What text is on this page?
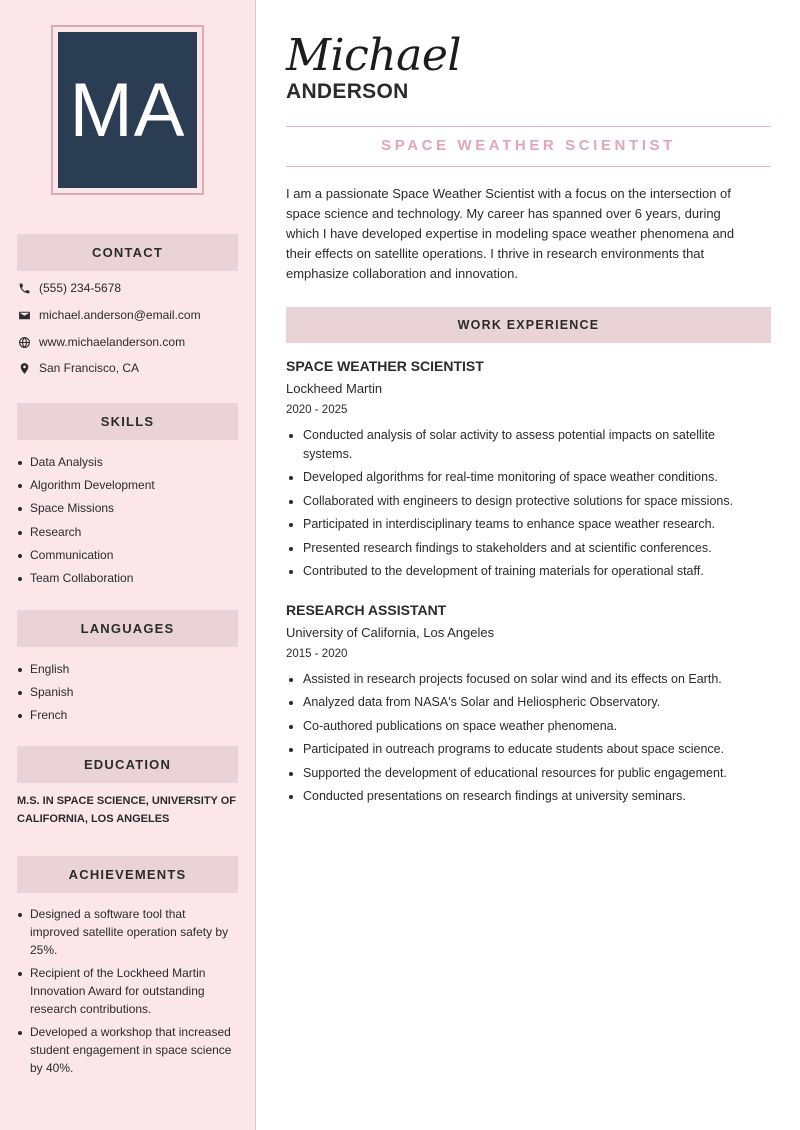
MA
CONTACT
(555) 234-5678
michael.anderson@email.com
www.michaelanderson.com
San Francisco, CA
SKILLS
Data Analysis
Algorithm Development
Space Missions
Research
Communication
Team Collaboration
LANGUAGES
English
Spanish
French
EDUCATION
M.S. IN SPACE SCIENCE, UNIVERSITY OF CALIFORNIA, LOS ANGELES
ACHIEVEMENTS
Designed a software tool that improved satellite operation safety by 25%.
Recipient of the Lockheed Martin Innovation Award for outstanding research contributions.
Developed a workshop that increased student engagement in space science by 40%.
Michael
ANDERSON
SPACE WEATHER SCIENTIST

I am a passionate Space Weather Scientist with a focus on the intersection of space science and technology. My career has spanned over 6 years, during which I have developed expertise in modeling space weather phenomena and their effects on satellite operations. I thrive in research environments that emphasize collaboration and innovation.

WORK EXPERIENCE
SPACE WEATHER SCIENTIST
Lockheed Martin
2020 - 2025
Conducted analysis of solar activity to assess potential impacts on satellite systems.
Developed algorithms for real-time monitoring of space weather conditions.
Collaborated with engineers to design protective solutions for space missions.
Participated in interdisciplinary teams to enhance space weather research.
Presented research findings to stakeholders and at scientific conferences.
Contributed to the development of training materials for operational staff.
RESEARCH ASSISTANT
University of California, Los Angeles
2015 - 2020
Assisted in research projects focused on solar wind and its effects on Earth.
Analyzed data from NASA's Solar and Heliospheric Observatory.
Co-authored publications on space weather phenomena.
Participated in outreach programs to educate students about space science.
Supported the development of educational resources for public engagement.
Conducted presentations on research findings at university seminars.
